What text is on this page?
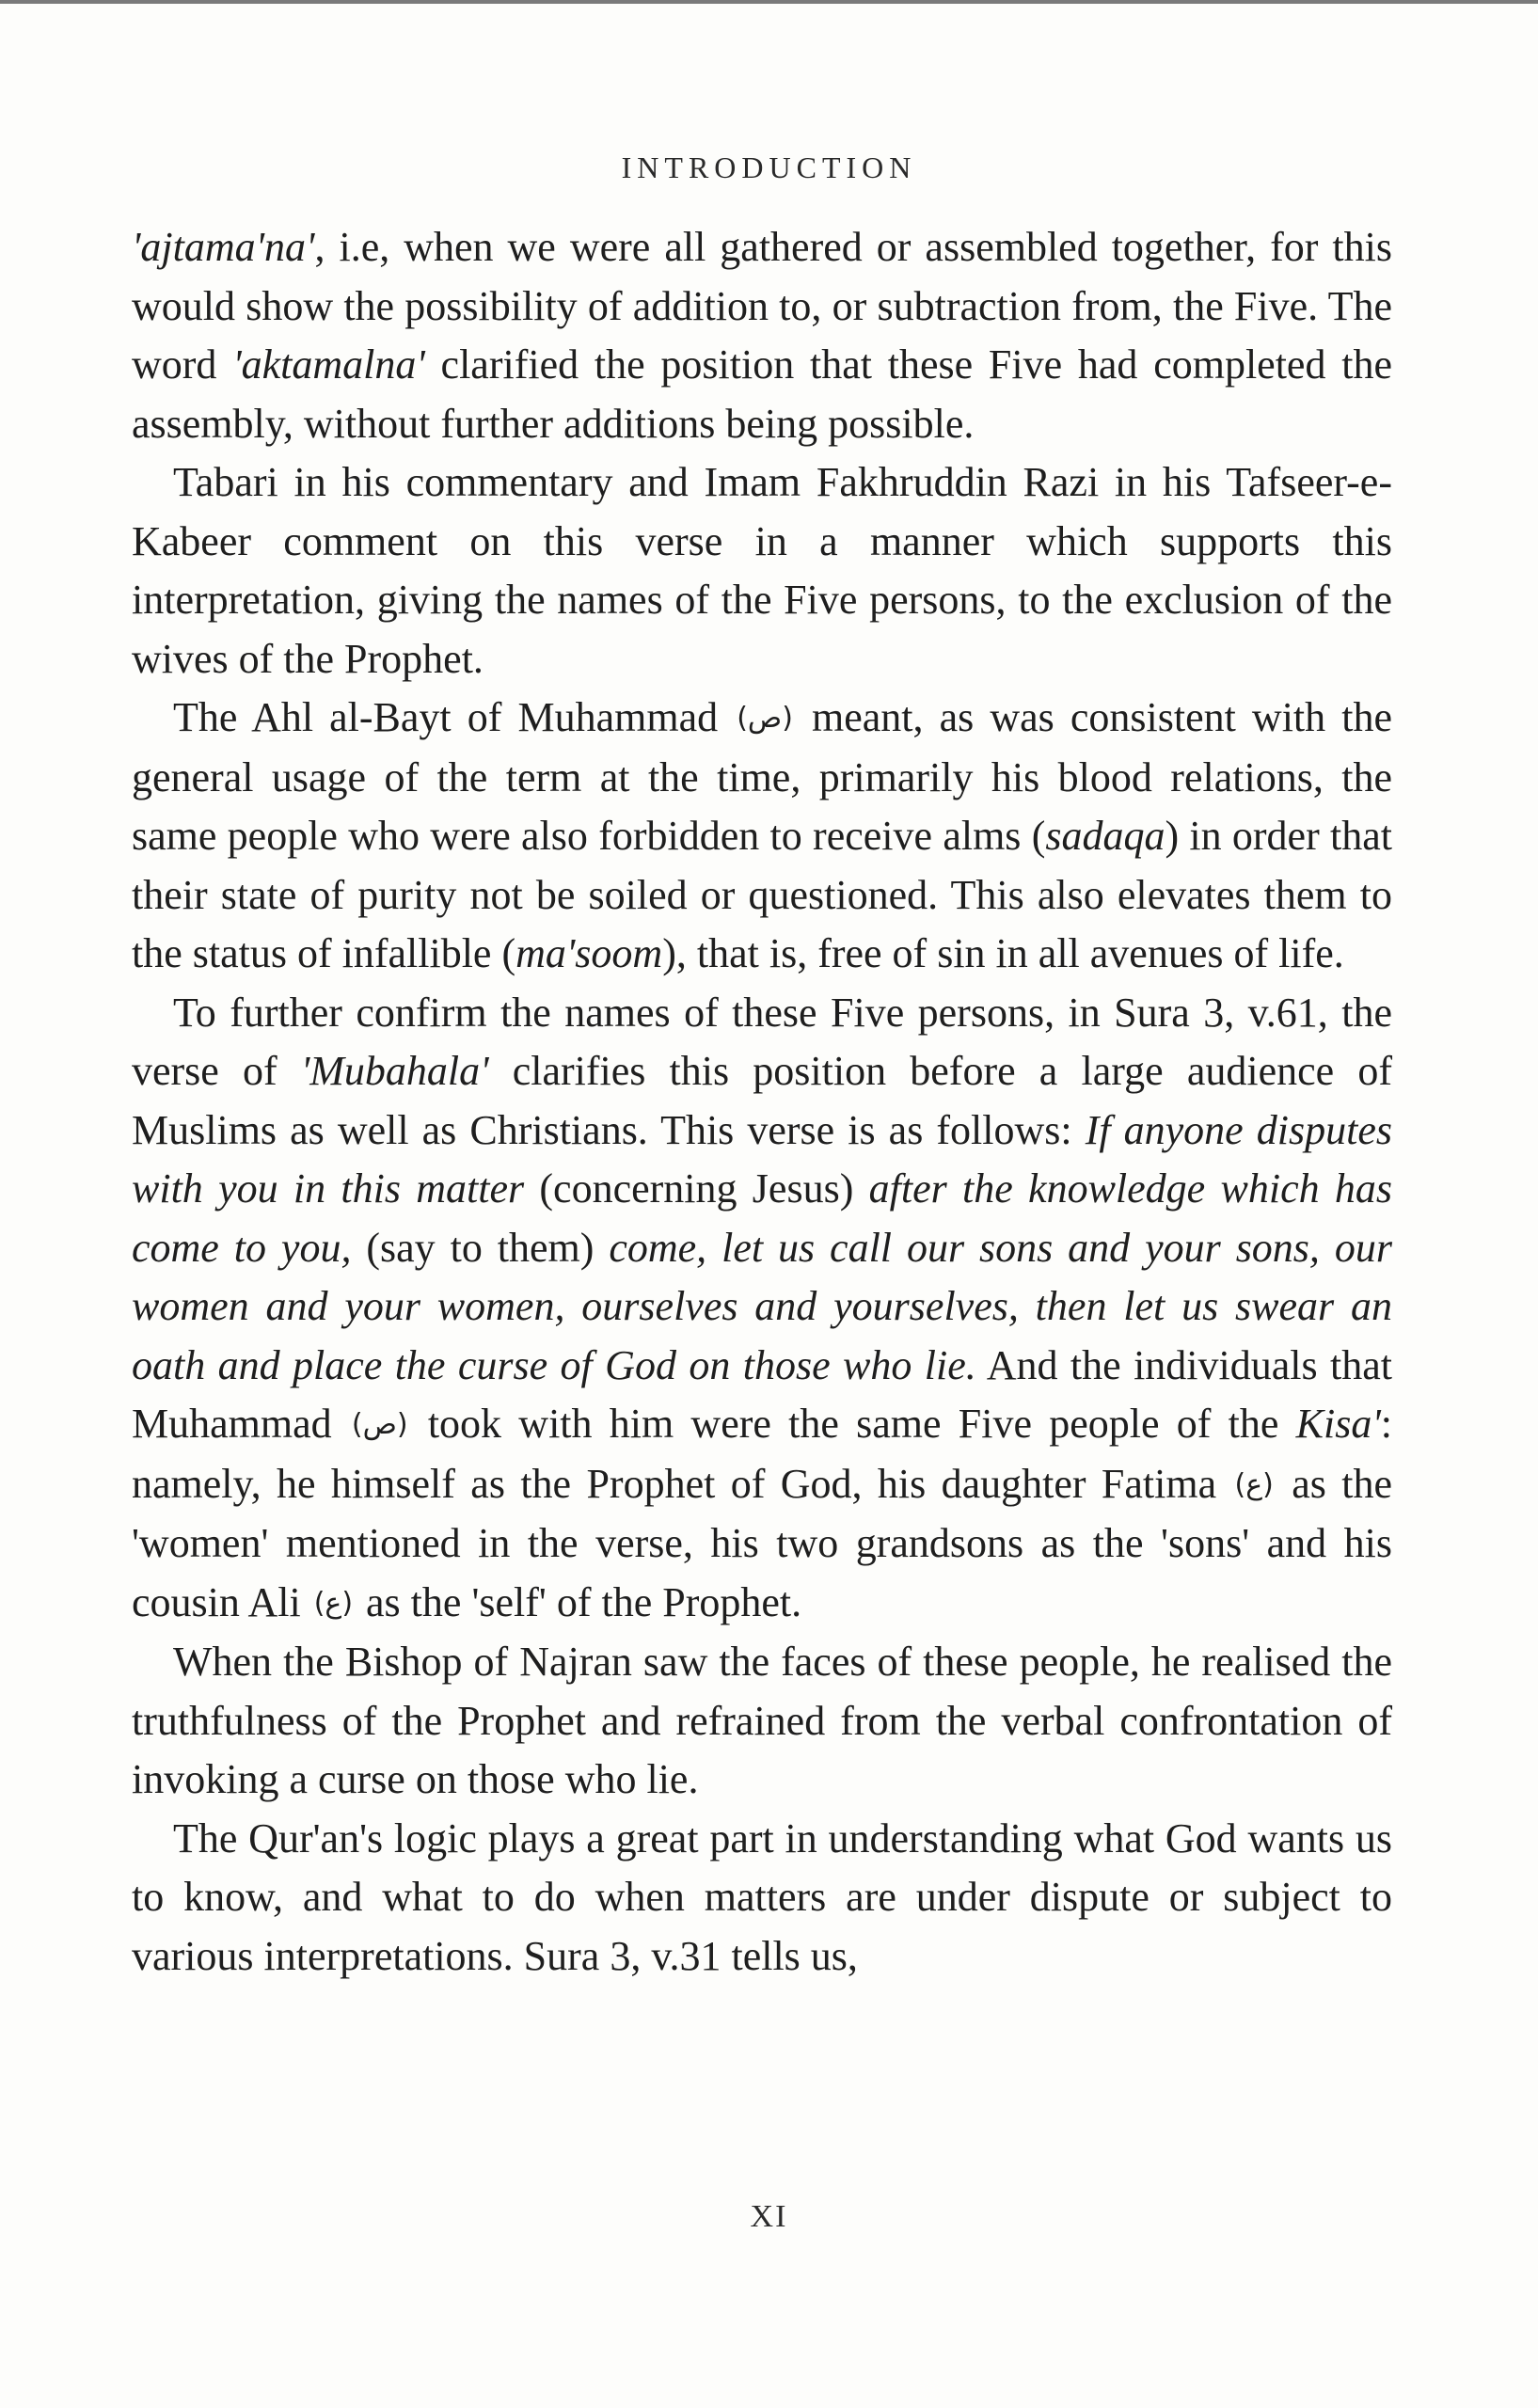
INTRODUCTION

'ajtama'na', i.e, when we were all gathered or assembled together, for this would show the possibility of addition to, or subtraction from, the Five. The word 'aktamalna' clarified the position that these Five had completed the assembly, without further additions being possible.

Tabari in his commentary and Imam Fakhruddin Razi in his Tafseer-e-Kabeer comment on this verse in a manner which supports this interpretation, giving the names of the Five persons, to the exclusion of the wives of the Prophet.

The Ahl al-Bayt of Muhammad (ص) meant, as was consistent with the general usage of the term at the time, primarily his blood relations, the same people who were also forbidden to receive alms (sadaqa) in order that their state of purity not be soiled or questioned. This also elevates them to the status of infallible (ma'soom), that is, free of sin in all avenues of life.

To further confirm the names of these Five persons, in Sura 3, v.61, the verse of 'Mubahala' clarifies this position before a large audience of Muslims as well as Christians. This verse is as follows: If anyone disputes with you in this matter (concerning Jesus) after the knowledge which has come to you, (say to them) come, let us call our sons and your sons, our women and your women, ourselves and yourselves, then let us swear an oath and place the curse of God on those who lie. And the individuals that Muhammad (ص) took with him were the same Five people of the Kisa': namely, he himself as the Prophet of God, his daughter Fatima (ع) as the 'women' mentioned in the verse, his two grandsons as the 'sons' and his cousin Ali (ع) as the 'self' of the Prophet.

When the Bishop of Najran saw the faces of these people, he realised the truthfulness of the Prophet and refrained from the verbal confrontation of invoking a curse on those who lie.

The Qur'an's logic plays a great part in understanding what God wants us to know, and what to do when matters are under dispute or subject to various interpretations. Sura 3, v.31 tells us,

XI
